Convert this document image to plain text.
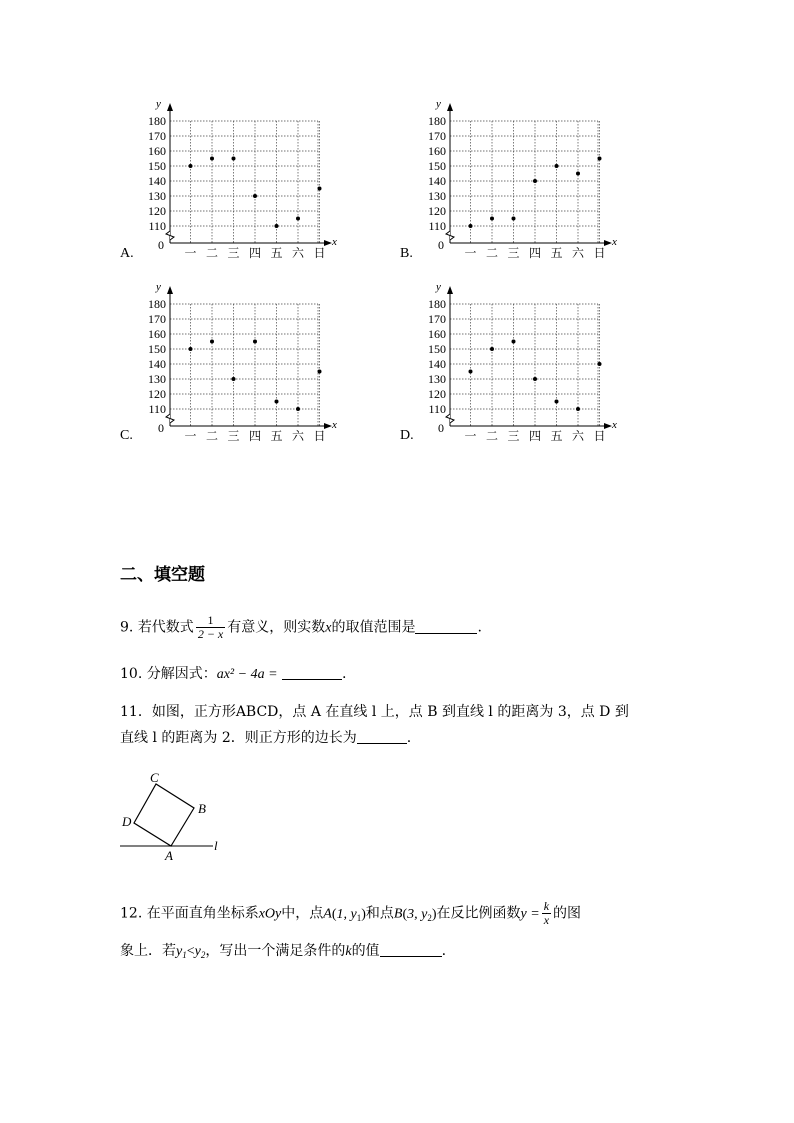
y
x
0
110
120
130
140
150
160
170
180
一 二 三 四 五 六 日
y
x
0
110
120
130
140
150
160
170
180
一 二 三 四 五 六 日
y
x
0
110
120
130
140
150
160
170
180
一 二 三 四 五 六 日
y
x
0
110
120
130
140
150
160
170
180
一 二 三 四 五 六 日
A.	B.
C.	D.
二、填空题
9. 若代数式 $\frac{1}{2 - x}$ 有意义，则实数x的取值范围是	.
10. 分解因式：ax² − 4a =	.
11．如图，正方形ABCD，点 A 在直线 l 上，点 B 到直线 l 的距离为 3，点 D 到
直线 l 的距离为 2．则正方形的边长为	.
C
B
D
A
l
12. 在平面直角坐标系xOy中，点A(1, $y_1$)和点B(3, $y_2$)在反比例函数$y = \frac{k}{x}$ 的图
象上．若$y_1<y_2$，写出一个满足条件的k的值	.
